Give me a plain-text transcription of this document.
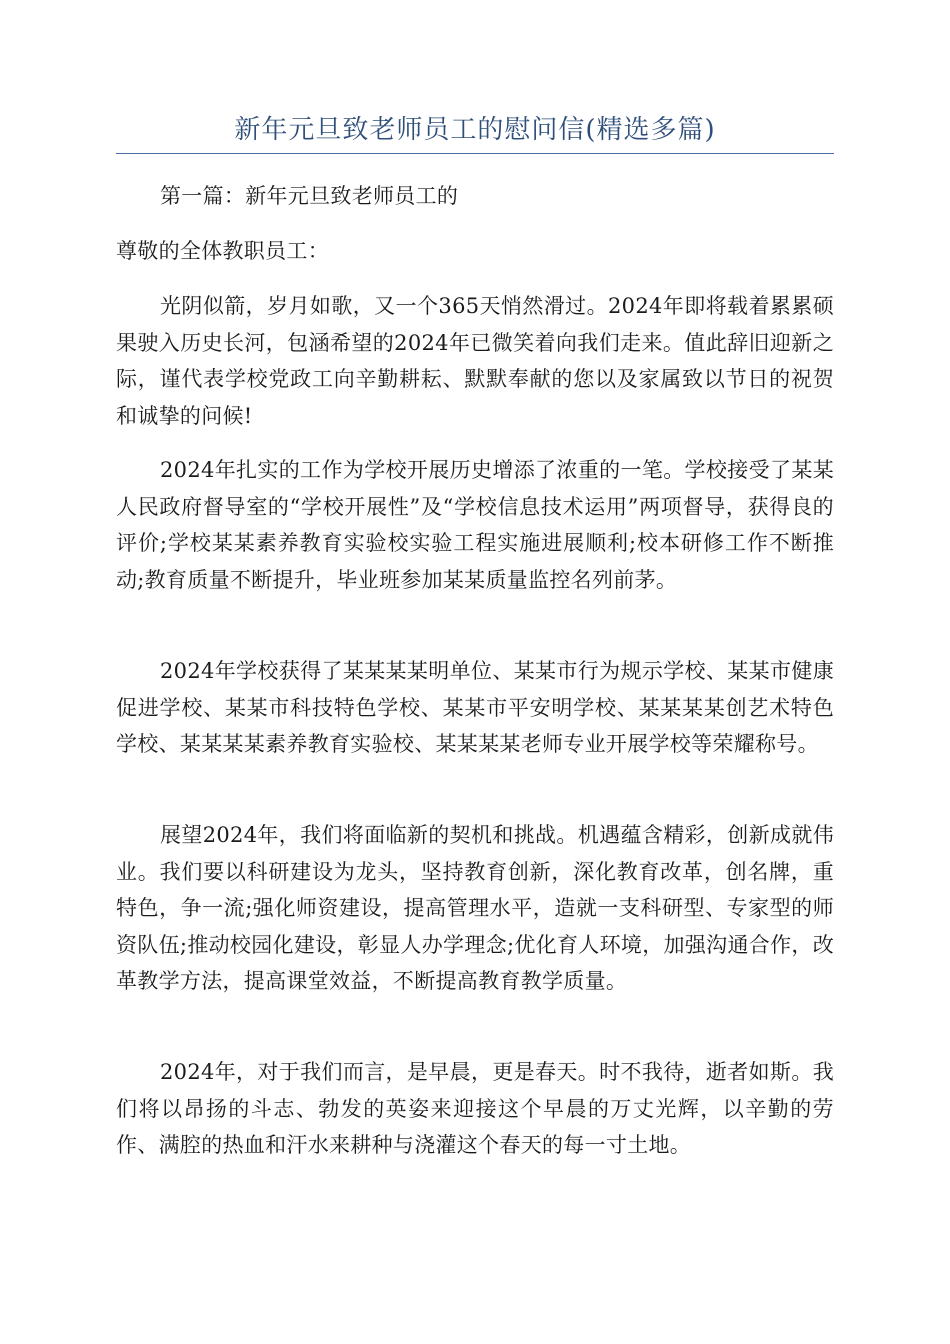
新年元旦致老师员工的慰问信(精选多篇)

第一篇：新年元旦致老师员工的

尊敬的全体教职员工：

光阴似箭，岁月如歌，又一个365天悄然滑过。2024年即将载着累累硕果驶入历史长河，包涵希望的2024年已微笑着向我们走来。值此辞旧迎新之际，谨代表学校党政工向辛勤耕耘、默默奉献的您以及家属致以节日的祝贺和诚挚的问候!

2024年扎实的工作为学校开展历史增添了浓重的一笔。学校接受了某某人民政府督导室的“学校开展性”及“学校信息技术运用”两项督导，获得良的评价;学校某某素养教育实验校实验工程实施进展顺利;校本研修工作不断推动;教育质量不断提升，毕业班参加某某质量监控名列前茅。

2024年学校获得了某某某某明单位、某某市行为规示学校、某某市健康促进学校、某某市科技特色学校、某某市平安明学校、某某某某创艺术特色学校、某某某某素养教育实验校、某某某某老师专业开展学校等荣耀称号。

展望2024年，我们将面临新的契机和挑战。机遇蕴含精彩，创新成就伟业。我们要以科研建设为龙头，坚持教育创新，深化教育改革，创名牌，重特色，争一流;强化师资建设，提高管理水平，造就一支科研型、专家型的师资队伍;推动校园化建设，彰显人办学理念;优化育人环境，加强沟通合作，改革教学方法，提高课堂效益，不断提高教育教学质量。

2024年，对于我们而言，是早晨，更是春天。时不我待，逝者如斯。我们将以昂扬的斗志、勃发的英姿来迎接这个早晨的万丈光辉，以辛勤的劳作、满腔的热血和汗水来耕种与浇灌这个春天的每一寸土地。
